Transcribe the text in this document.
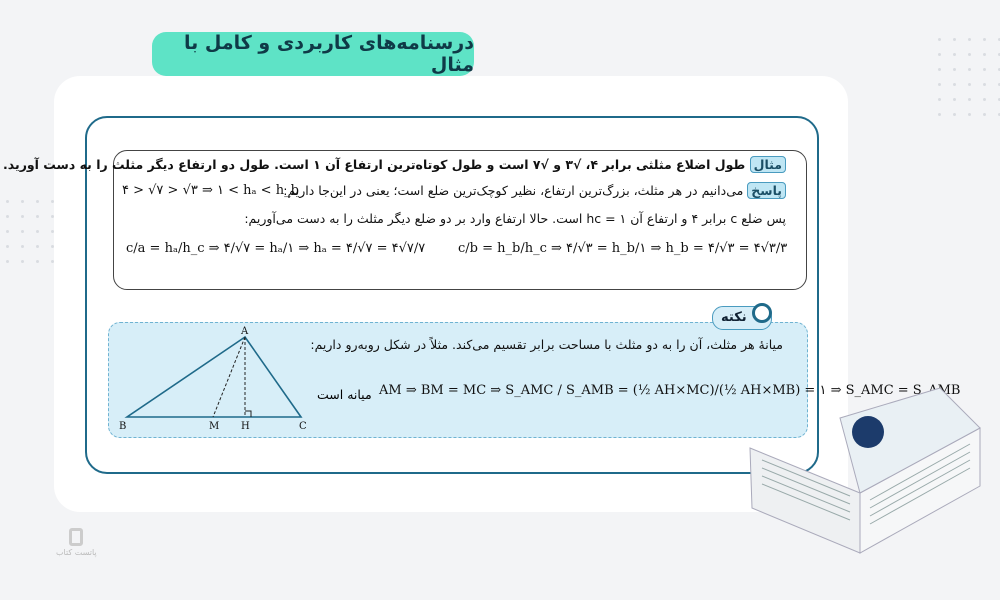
درسنامه‌های کاربردی و کامل با مثال
مثال طول اضلاع مثلثی برابر ۴، √۳ و √۷ است و طول کوتاه‌ترین ارتفاع آن ۱ است. طول دو ارتفاع دیگر مثلث را به دست آورید.
پاسخ می‌دانیم در هر مثلث، بزرگ‌ترین ارتفاع، نظیر کوچک‌ترین ضلع است؛ یعنی در این‌جا داریم:
۴ > √۷ > √۳ ⇒ ۱ < hₐ < h_b
پس ضلع c برابر ۴ و ارتفاع آن hc = ۱ است. حالا ارتفاع وارد بر دو ضلع دیگر مثلث را به دست می‌آوریم:
c/a = hₐ/h_c ⇒ ۴/√۷ = hₐ/۱ ⇒ hₐ = ۴/√۷ = ۴√۷/۷	c/b = h_b/h_c ⇒ ۴/√۳ = h_b/۱ ⇒ h_b = ۴/√۳ = ۴√۳/۳
A
B	M H	C
میانهٔ هر مثلث، آن را به دو مثلث با مساحت برابر تقسیم می‌کند. مثلاً در شکل روبه‌رو داریم:
میانه است AM ⇒ BM = MC ⇒ S_AMC / S_AMB = (½ AH×MC)/(½ AH×MB) = ۱ ⇒ S_AMC = S_AMB
نکته
پاتست کتاب
